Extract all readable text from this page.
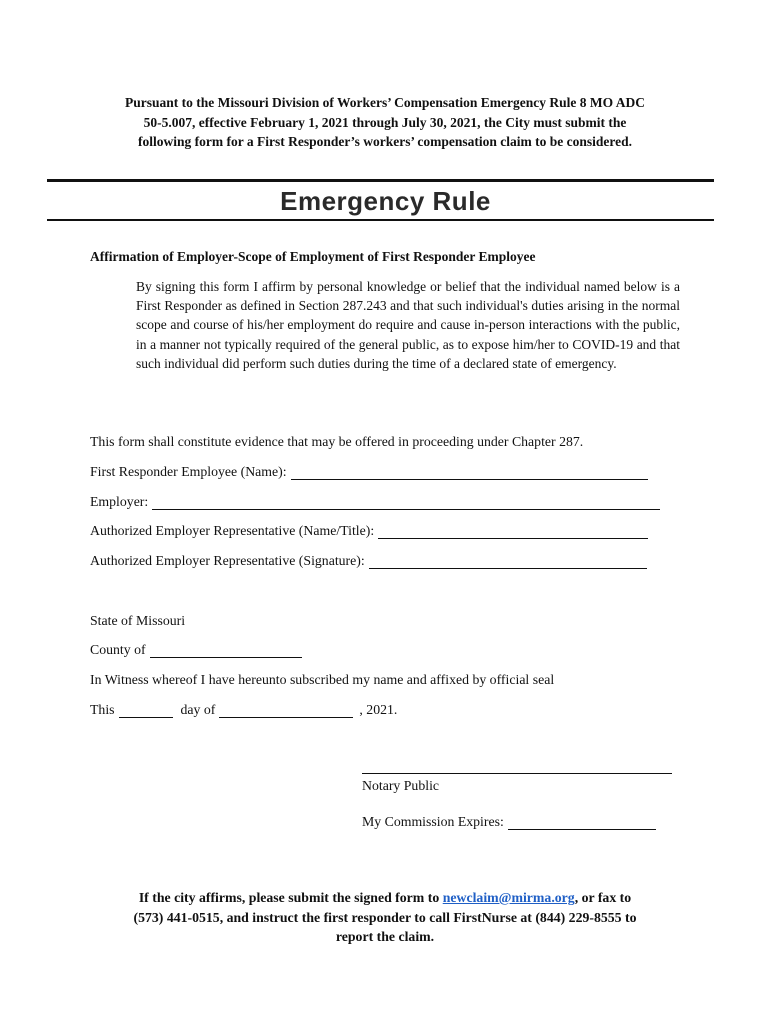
Pursuant to the Missouri Division of Workers’ Compensation Emergency Rule 8 MO ADC
50-5.007, effective February 1, 2021 through July 30, 2021, the City must submit the
following form for a First Responder’s workers’ compensation claim to be considered.
Emergency Rule
Affirmation of Employer-Scope of Employment of First Responder Employee
By signing this form I affirm by personal knowledge or belief that the individual named below is a First Responder as defined in Section 287.243 and that such individual's duties arising in the normal scope and course of his/her employment do require and cause in-person interactions with the public, in a manner not typically required of the general public, as to expose him/her to COVID-19 and that such individual did perform such duties during the time of a declared state of emergency.
This form shall constitute evidence that may be offered in proceeding under Chapter 287.
First Responder Employee (Name):
Employer:
Authorized Employer Representative (Name/Title):
Authorized Employer Representative (Signature):
State of Missouri
County of
In Witness whereof I have hereunto subscribed my name and affixed by official seal
This	day of	, 2021.
Notary Public
My Commission Expires:
If the city affirms, please submit the signed form to newclaim@mirma.org, or fax to
(573) 441-0515, and instruct the first responder to call FirstNurse at (844) 229-8555 to
report the claim.
